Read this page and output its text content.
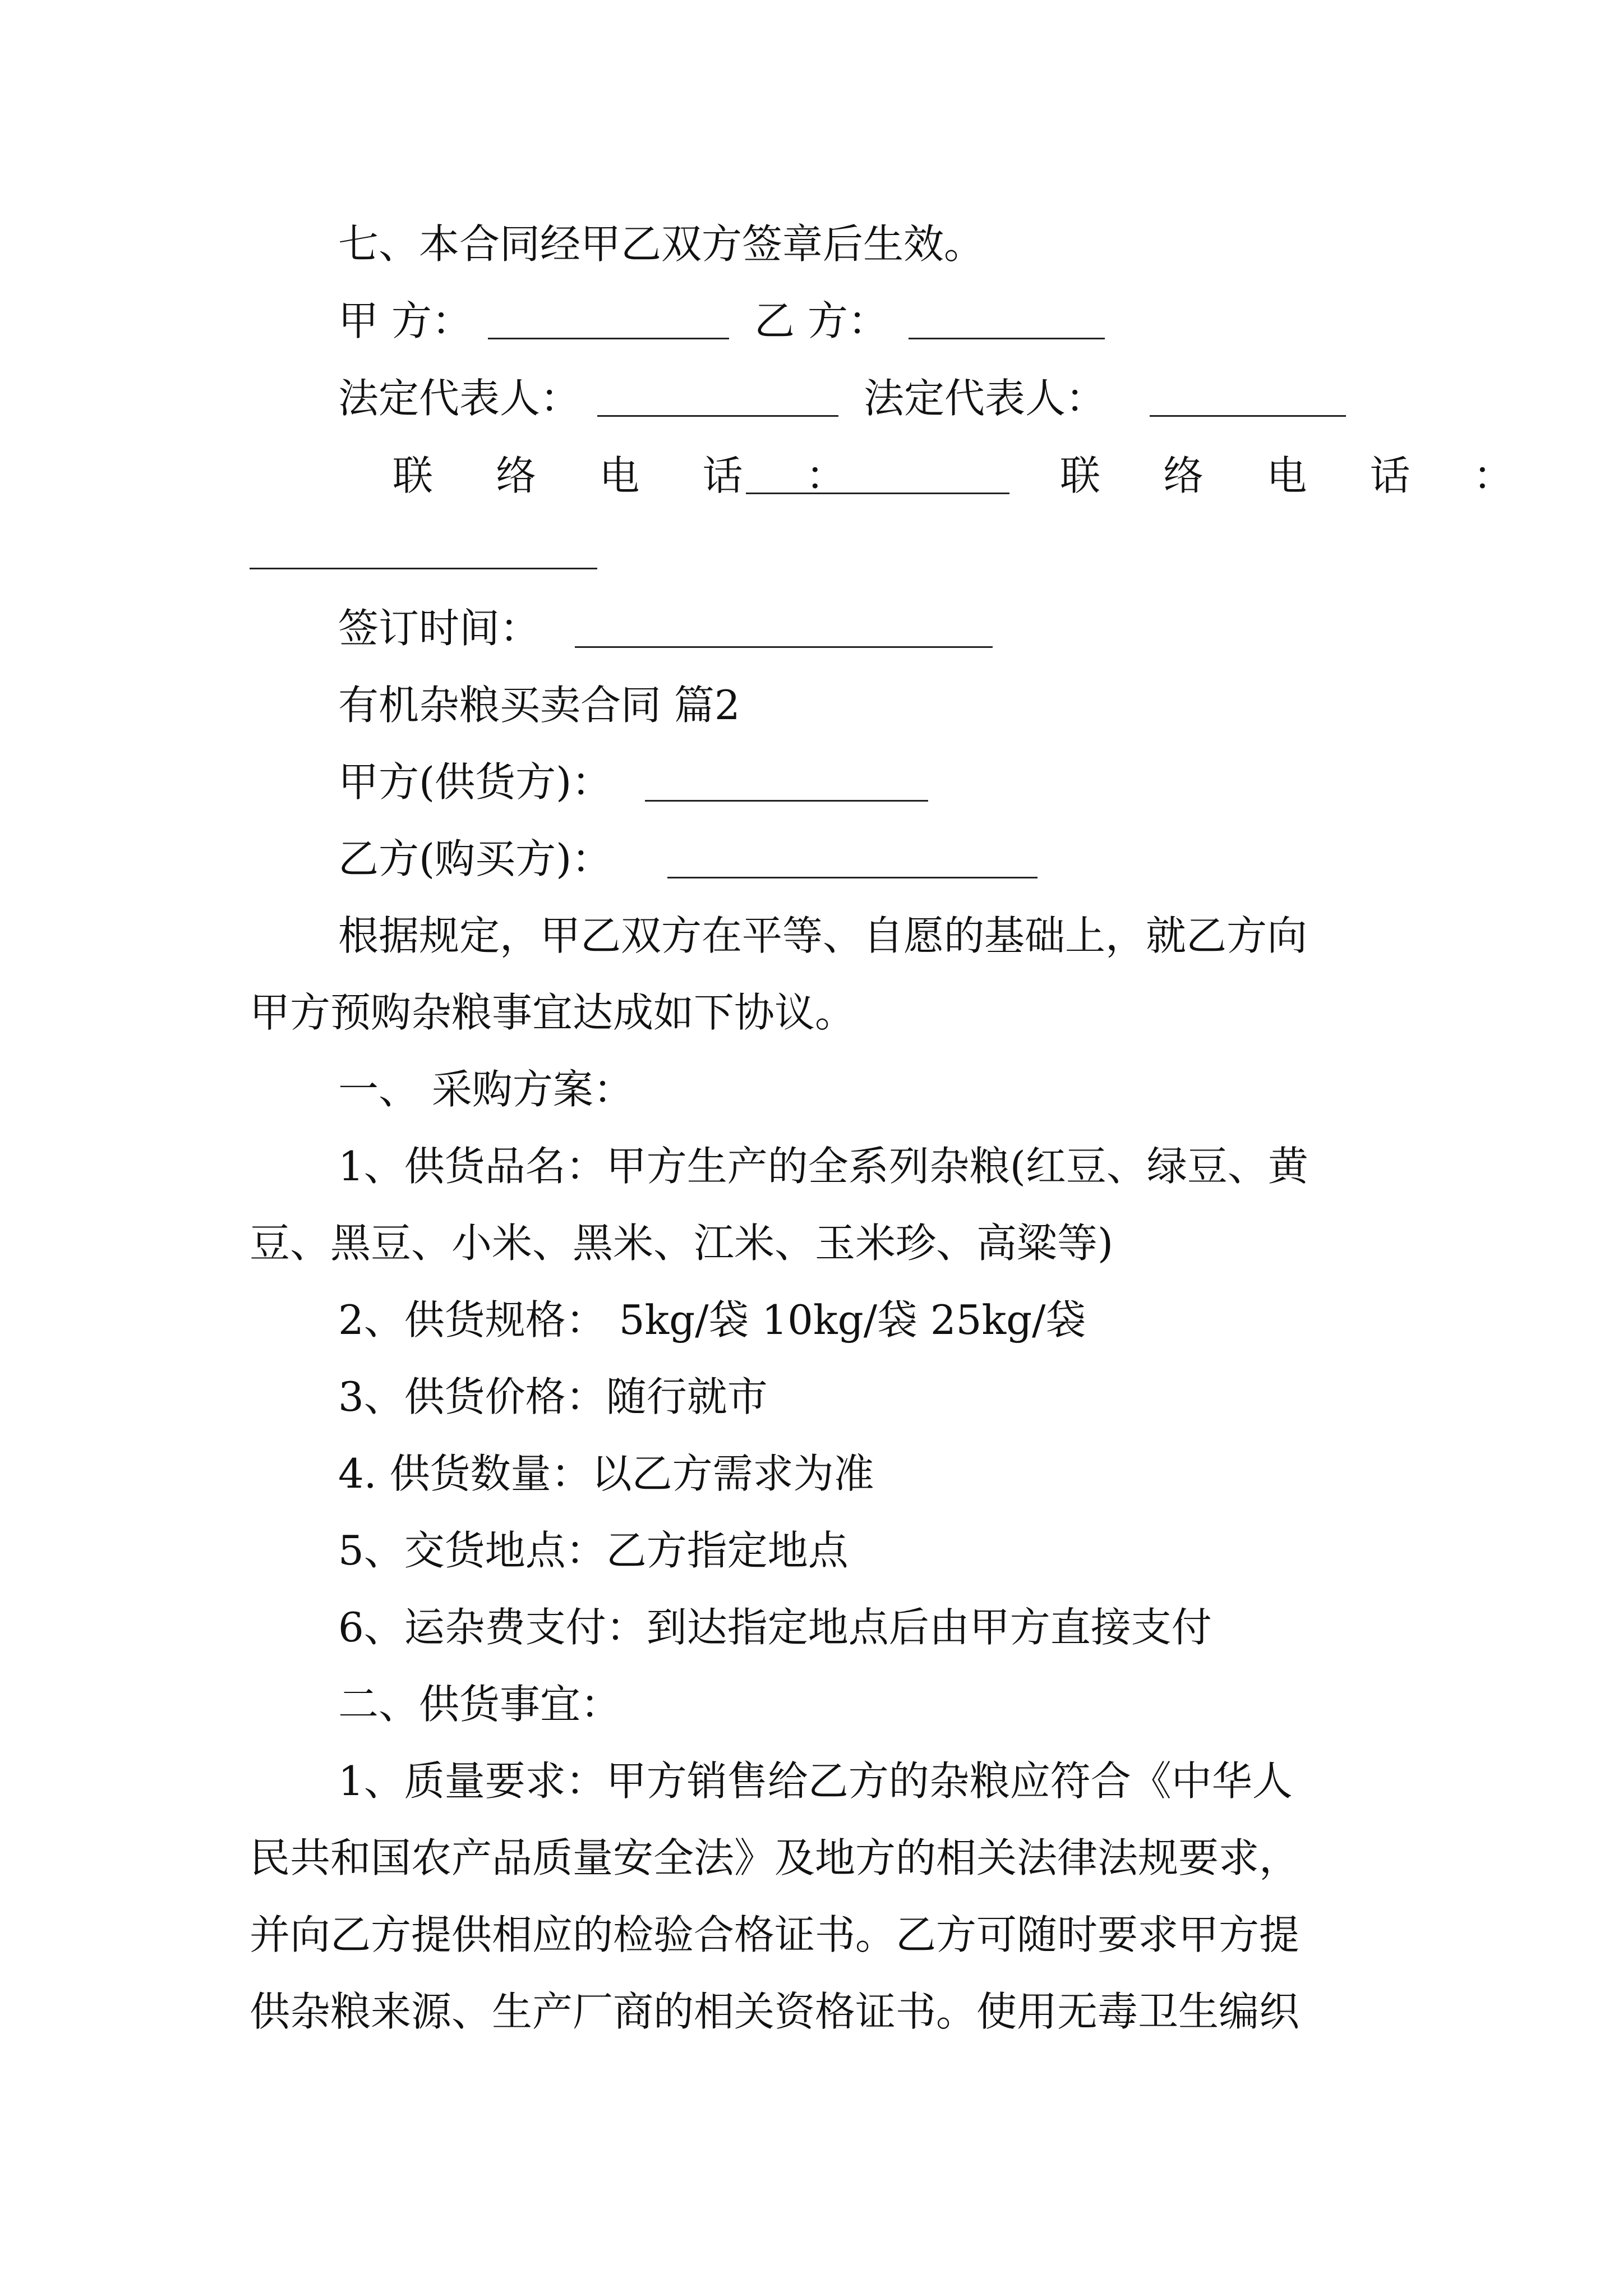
七、本合同经甲乙双方签章后生效。
甲 方：	乙 方：
法定代表人：	法定代表人：
联 络 电 话 ：	联 络 电 话 ：
签订时间：
有机杂粮买卖合同 篇2
甲方(供货方)：
乙方(购买方)：
根据规定，甲乙双方在平等、自愿的基础上，就乙方向
甲方预购杂粮事宜达成如下协议。
一、 采购方案：
1、供货品名：甲方生产的全系列杂粮(红豆、绿豆、黄
豆、黑豆、小米、黑米、江米、玉米珍、高粱等)
2、供货规格： 5kg/袋 10kg/袋 25kg/袋
3、供货价格：随行就市
4. 供货数量：以乙方需求为准
5、交货地点：乙方指定地点
6、运杂费支付：到达指定地点后由甲方直接支付
二、供货事宜：
1、质量要求：甲方销售给乙方的杂粮应符合《中华人
民共和国农产品质量安全法》及地方的相关法律法规要求，
并向乙方提供相应的检验合格证书。乙方可随时要求甲方提
供杂粮来源、生产厂商的相关资格证书。使用无毒卫生编织
